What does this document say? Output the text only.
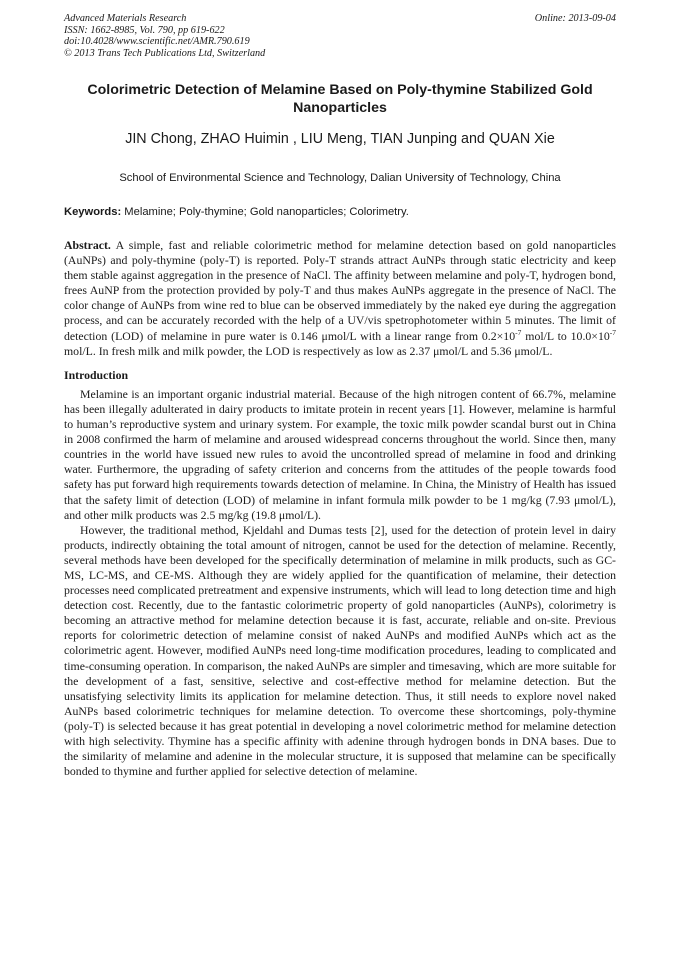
Advanced Materials Research
ISSN: 1662-8985, Vol. 790, pp 619-622
doi:10.4028/www.scientific.net/AMR.790.619
© 2013 Trans Tech Publications Ltd, Switzerland
Online: 2013-09-04
Colorimetric Detection of Melamine Based on Poly-thymine Stabilized Gold Nanoparticles
JIN Chong, ZHAO Huimin , LIU Meng, TIAN Junping and QUAN Xie
School of Environmental Science and Technology, Dalian University of Technology, China
Keywords: Melamine; Poly-thymine; Gold nanoparticles; Colorimetry.

Abstract. A simple, fast and reliable colorimetric method for melamine detection based on gold nanoparticles (AuNPs) and poly-thymine (poly-T) is reported. Poly-T strands attract AuNPs through static electricity and keep them stable against aggregation in the presence of NaCl. The affinity between melamine and poly-T, hydrogen bond, frees AuNP from the protection provided by poly-T and thus makes AuNPs aggregate in the presence of NaCl. The color change of AuNPs from wine red to blue can be observed immediately by the naked eye during the aggregation process, and can be accurately recorded with the help of a UV/vis spetrophotometer within 5 minutes. The limit of detection (LOD) of melamine in pure water is 0.146 μmol/L with a linear range from $0.2\times 10^{-7}$ mol/L to $10.0\times 10^{-7}$ mol/L. In fresh milk and milk powder, the LOD is respectively as low as 2.37 μmol/L and 5.36 μmol/L.

Introduction

Melamine is an important organic industrial material. Because of the high nitrogen content of 66.7%, melamine has been illegally adulterated in dairy products to imitate protein in recent years [1]. However, melamine is harmful to human’s reproductive system and urinary system. For example, the toxic milk powder scandal burst out in China in 2008 confirmed the harm of melamine and aroused widespread concerns throughout the world. Since then, many countries in the world have issued new rules to avoid the uncontrolled spread of melamine in food and drinking water. Furthermore, the upgrading of safety criterion and concerns from the attitudes of the people towards food safety has put forward high requirements towards detection of melamine. In China, the Ministry of Health has issued that the safety limit of detection (LOD) of melamine in infant formula milk powder to be 1 mg/kg (7.93 μmol/L), and other milk products was 2.5 mg/kg (19.8 μmol/L).

However, the traditional method, Kjeldahl and Dumas tests [2], used for the detection of protein level in dairy products, indirectly obtaining the total amount of nitrogen, cannot be used for the detection of melamine. Recently, several methods have been developed for the specifically determination of melamine in milk products, such as GC-MS, LC-MS, and CE-MS. Although they are widely applied for the quantification of melamine, their detection processes need complicated pretreatment and expensive instruments, which will lead to long detection time and high detection cost. Recently, due to the fantastic colorimetric property of gold nanoparticles (AuNPs), colorimetry is becoming an attractive method for melamine detection because it is fast, accurate, reliable and on-site. Previous reports for colorimetric detection of melamine consist of naked AuNPs and modified AuNPs which act as the colorimetric agent. However, modified AuNPs need long-time modification procedures, leading to complicated and time-consuming operation. In comparison, the naked AuNPs are simpler and timesaving, which are more suitable for the development of a fast, sensitive, selective and cost-effective method for melamine detection. But the unsatisfying selectivity limits its application for melamine detection. Thus, it still needs to explore novel naked AuNPs based colorimetric techniques for melamine detection. To overcome these shortcomings, poly-thymine (poly-T) is selected because it has great potential in developing a novel colorimetric method for melamine detection with high selectivity. Thymine has a specific affinity with adenine through hydrogen bonds in DNA bases. Due to the similarity of melamine and adenine in the molecular structure, it is supposed that melamine can be specifically bonded to thymine and further applied for selective detection of melamine.
